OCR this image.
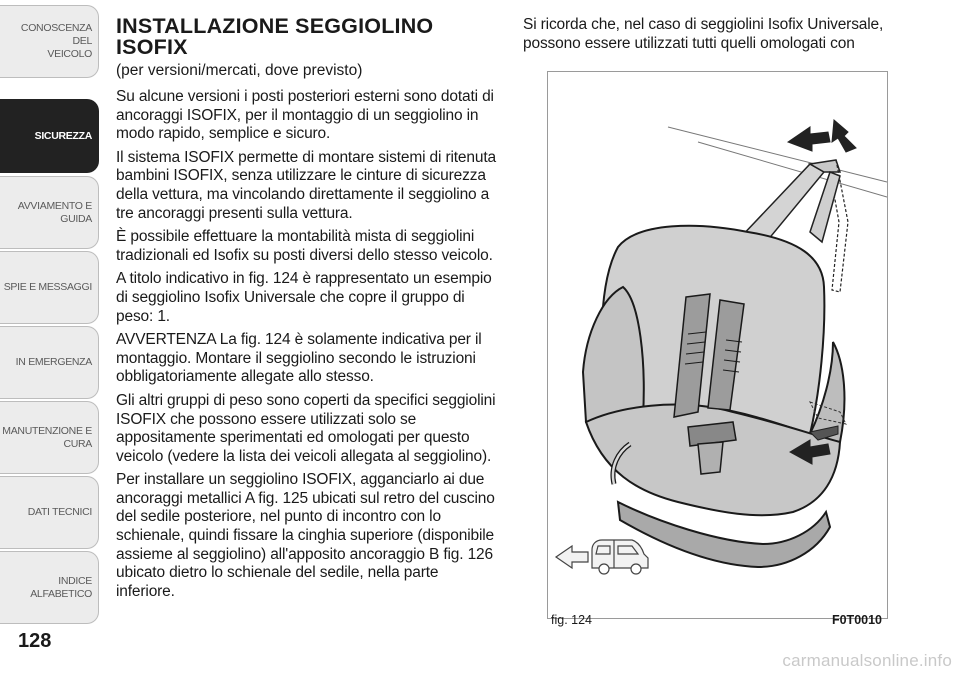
CONOSCENZA DEL
VEICOLO
SICUREZZA
AVVIAMENTO E
GUIDA
SPIE E MESSAGGI
IN EMERGENZA
MANUTENZIONE E
CURA
DATI TECNICI
INDICE ALFABETICO
128
INSTALLAZIONE SEGGIOLINO
ISOFIX

(per versioni/mercati, dove previsto)

Su alcune versioni i posti posteriori esterni sono dotati di ancoraggi ISOFIX, per il montaggio di un seggiolino in modo rapido, semplice e sicuro.

Il sistema ISOFIX permette di montare sistemi di ritenuta bambini ISOFIX, senza utilizzare le cinture di sicurezza della vettura, ma vincolando direttamente il seggiolino a tre ancoraggi presenti sulla vettura.

È possibile effettuare la montabilità mista di seggiolini tradizionali ed Isofix su posti diversi dello stesso veicolo.

A titolo indicativo in fig. 124 è rappresentato un esempio di seggiolino Isofix Universale che copre il gruppo di peso: 1.

AVVERTENZA La fig. 124 è solamente indicativa per il montaggio. Montare il seggiolino secondo le istruzioni obbligatoriamente allegate allo stesso.

Gli altri gruppi di peso sono coperti da specifici seggiolini ISOFIX che possono essere utilizzati solo se appositamente sperimentati ed omologati per questo veicolo (vedere la lista dei veicoli allegata al seggiolino).

Per installare un seggiolino ISOFIX, agganciarlo ai due ancoraggi metallici A fig. 125 ubicati sul retro del cuscino del sedile posteriore, nel punto di incontro con lo schienale, quindi fissare la cinghia superiore (disponibile assieme al seggiolino) all'apposito ancoraggio B fig. 126 ubicato dietro lo schienale del sedile, nella parte inferiore.

Si ricorda che, nel caso di seggiolini Isofix Universale, possono essere utilizzati tutti quelli omologati con

fig. 124	F0T0010
carmanualsonline.info
